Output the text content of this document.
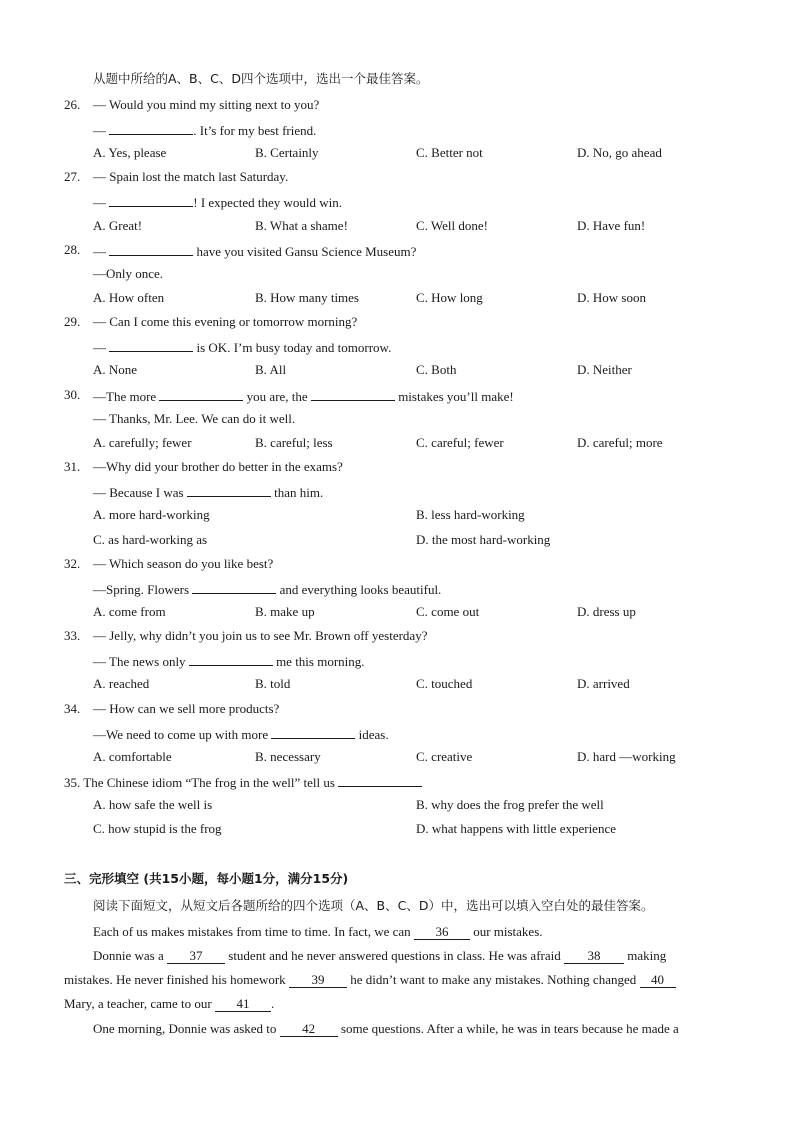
从题中所给的A、B、C、D四个选项中，选出一个最佳答案。
26. — Would you mind my sitting next to you?
—	. It’s for my best friend.
A. Yes, please	B. Certainly	C. Better not	D. No, go ahead
27. — Spain lost the match last Saturday.
—	! I expected they would win.
A. Great!	B. What a shame!	C. Well done!	D. Have fun!
28. —	have you visited Gansu Science Museum?
—Only once.
A. How often	B. How many times	C. How long	D. How soon
29. — Can I come this evening or tomorrow morning?
—	is OK. I’m busy today and tomorrow.
A. None	B. All	C. Both	D. Neither
30. —The more	you are, the	mistakes you’ll make!
— Thanks, Mr. Lee. We can do it well.
A. carefully; fewer	B. careful; less	C. careful; fewer	D. careful; more
31. —Why did your brother do better in the exams?
— Because I was	than him.
A. more hard-working	B. less hard-working
C. as hard-working as	D. the most hard-working
32. — Which season do you like best?
—Spring. Flowers	and everything looks beautiful.
A. come from	B. make up	C. come out	D. dress up
33. — Jelly, why didn’t you join us to see Mr. Brown off yesterday?
— The news only	me this morning.
A. reached	B. told	C. touched	D. arrived
34. — How can we sell more products?
—We need to come up with more	ideas.
A. comfortable	B. necessary	C. creative	D. hard —working
35. The Chinese idiom “The frog in the well” tell us
A. how safe the well is	B. why does the frog prefer the well
C. how stupid is the frog	D. what happens with little experience
三、完形填空 (共15小题，每小题1分，满分15分)
阅读下面短文，从短文后各题所给的四个选项（A、B、C、D）中，选出可以填入空白处的最佳答案。
Each of us makes mistakes from time to time. In fact, we can 36 our mistakes.
Donnie was a 37 student and he never answered questions in class. He was afraid 38 making
mistakes. He never finished his homework 39 he didn’t want to make any mistakes. Nothing changed 40
Mary, a teacher, came to our 41 .
One morning, Donnie was asked to 42 some questions. After a while, he was in tears because he made a
